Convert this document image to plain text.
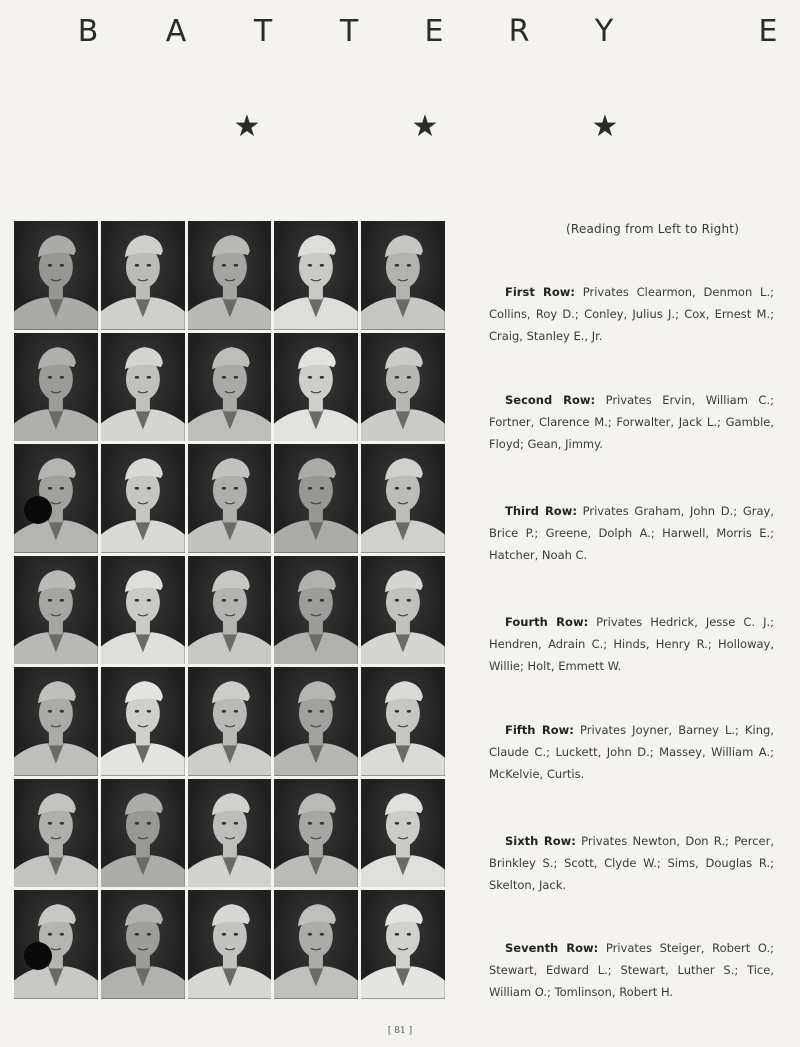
B A T T E R Y	E
★	★	★
(Reading from Left to Right)
First Row: Privates Clearmon, Denmon L.; Collins, Roy D.; Conley, Julius J.; Cox, Ernest M.; Craig, Stanley E., Jr.
Second Row: Privates Ervin, William C.; Fortner, Clarence M.; Forwalter, Jack L.; Gamble, Floyd; Gean, Jimmy.
Third Row: Privates Graham, John D.; Gray, Brice P.; Greene, Dolph A.; Harwell, Morris E.; Hatcher, Noah C.
Fourth Row: Privates Hedrick, Jesse C. J.; Hendren, Adrain C.; Hinds, Henry R.; Holloway, Willie; Holt, Emmett W.
Fifth Row: Privates Joyner, Barney L.; King, Claude C.; Luckett, John D.; Massey, William A.; McKelvie, Curtis.
Sixth Row: Privates Newton, Don R.; Percer, Brinkley S.; Scott, Clyde W.; Sims, Douglas R.; Skelton, Jack.
Seventh Row: Privates Steiger, Robert O.; Stewart, Edward L.; Stewart, Luther S.; Tice, William O.; Tomlinson, Robert H.
[ 81 ]
